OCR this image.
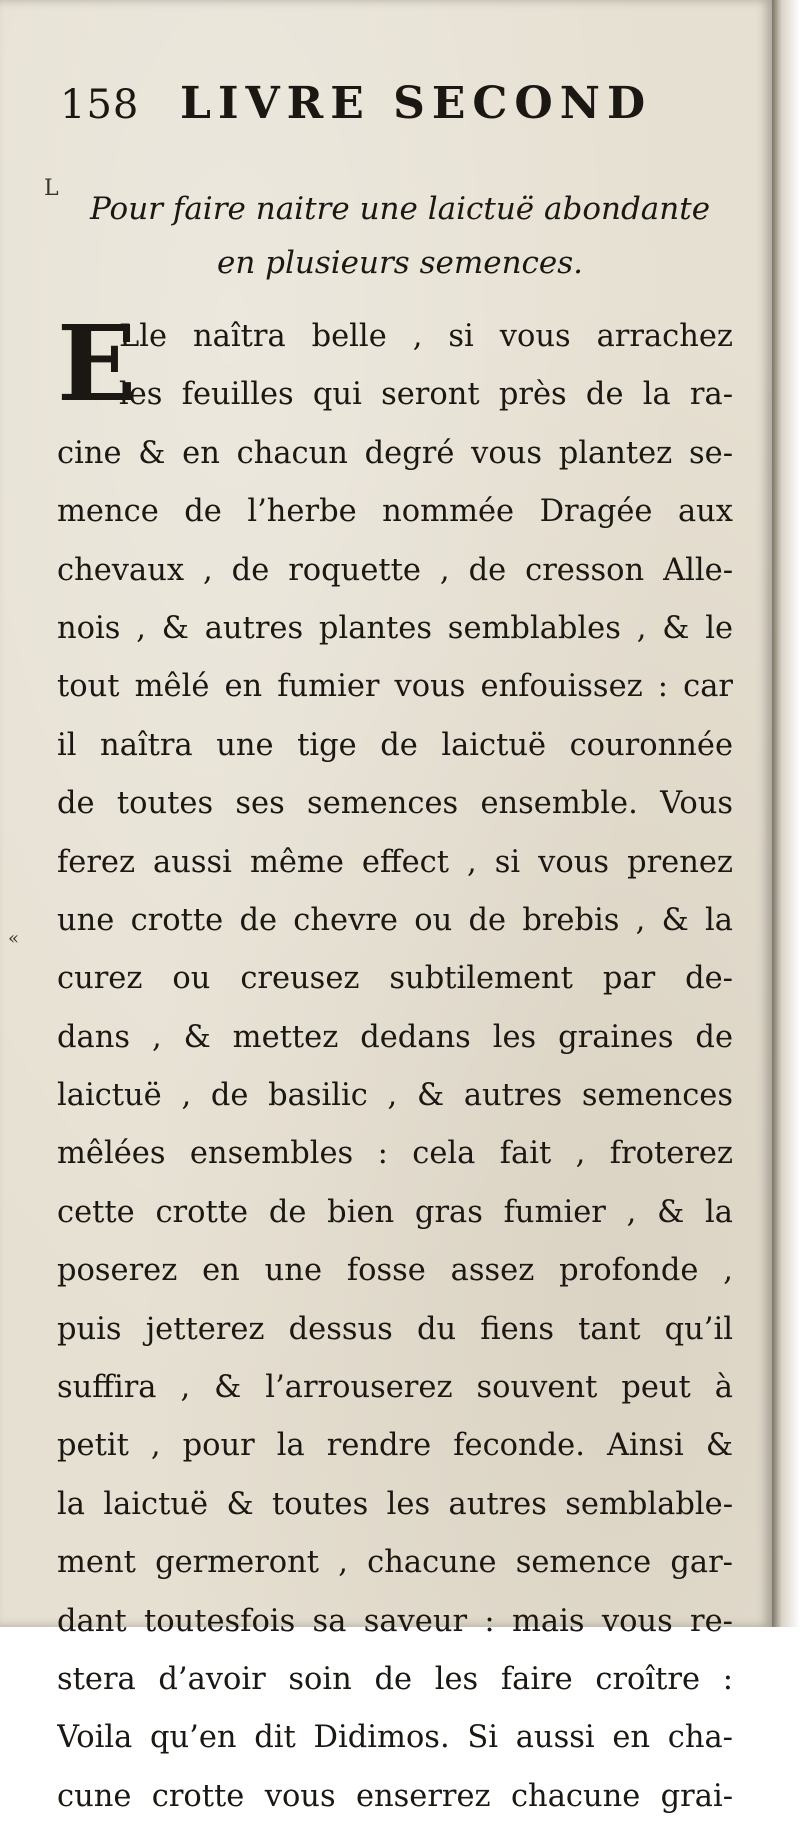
158 LIVRE SECOND
L
«
Pour faire naitre une laictuë abondante
en plusieurs semences.
E
Lle naîtra belle , si vous arrachez
les feuilles qui seront près de la ra-
cine & en chacun degré vous plantez se-
mence de l’herbe nommée Dragée aux
chevaux , de roquette , de cresson Alle-
nois , & autres plantes semblables , & le
tout mêlé en fumier vous enfouissez : car
il naîtra une tige de laictuë couronnée
de toutes ses semences ensemble. Vous
ferez aussi même effect , si vous prenez
une crotte de chevre ou de brebis , & la
curez ou creusez subtilement par de-
dans , & mettez dedans les graines de
laictuë , de basilic , & autres semences
mêlées ensembles : cela fait , froterez
cette crotte de bien gras fumier , & la
poserez en une fosse assez profonde ,
puis jetterez dessus du fiens tant qu’il
suffira , & l’arrouserez souvent peut à
petit , pour la rendre feconde. Ainsi &
la laictuë & toutes les autres semblable-
ment germeront , chacune semence gar-
dant toutesfois sa saveur : mais vous re-
stera d’avoir soin de les faire croître :
Voila qu’en dit Didimos. Si aussi en cha-
cune crotte vous enserrez chacune grai-
